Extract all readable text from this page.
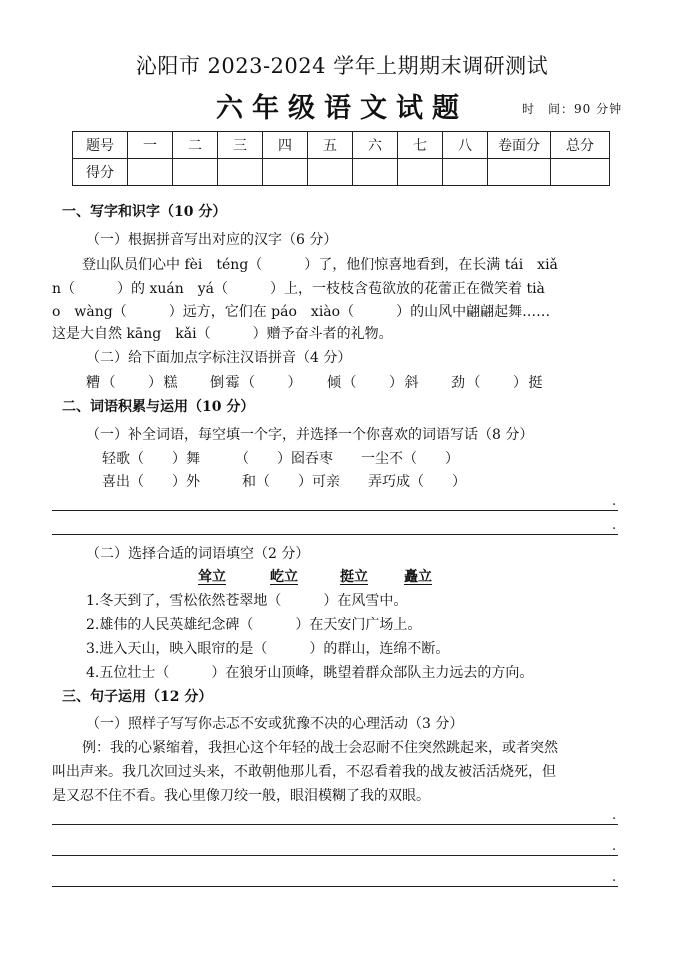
沁阳市 2023-2024 学年上期期末调研测试
六年级语文试题	时　间：90 分钟
题号	一	二	三	四	五	六	七	八	卷面分	总分
得分										
一、写字和识字（10 分）
（一）根据拼音写出对应的汉字（6 分）
登山队员们心中 fèi　téng（　　　）了，他们惊喜地看到，在长满 tái　xiǎ
n（　　　）的 xuán　yá（　　　）上，一枝枝含苞欲放的花蕾正在微笑着 tià
o　wàng（　　　）远方，它们在 páo　xiào（　　　）的山风中翩翩起舞……
这是大自然 kāng　kǎi（　　　）赠予奋斗者的礼物。
（二）给下面加点字标注汉语拼音（4 分）
糟（　　）糕　　倒霉（　　）　　倾（　　）斜　　劲（　　）挺
二、词语积累与运用（10 分）
（一）补全词语，每空填一个字，并选择一个你喜欢的词语写话（8 分）
轻歌（　　）舞　　　（　　）囵吞枣　　一尘不（　　）
喜出（　　）外　　　和（　　）可亲　　弄巧成（　　）
.
.
（二）选择合适的词语填空（2 分）
耸立	屹立	挺立	矗立
1.冬天到了，雪松依然苍翠地（　　　）在风雪中。
2.雄伟的人民英雄纪念碑（　　　）在天安门广场上。
3.进入天山，映入眼帘的是（　　　）的群山，连绵不断。
4.五位壮士（　　　）在狼牙山顶峰，眺望着群众部队主力远去的方向。
三、句子运用（12 分）
（一）照样子写写你忐忑不安或犹豫不决的心理活动（3 分）
例：我的心紧缩着，我担心这个年轻的战士会忍耐不住突然跳起来，或者突然
叫出声来。我几次回过头来，不敢朝他那儿看，不忍看着我的战友被活活烧死，但
是又忍不住不看。我心里像刀绞一般，眼泪模糊了我的双眼。
.
.
.
